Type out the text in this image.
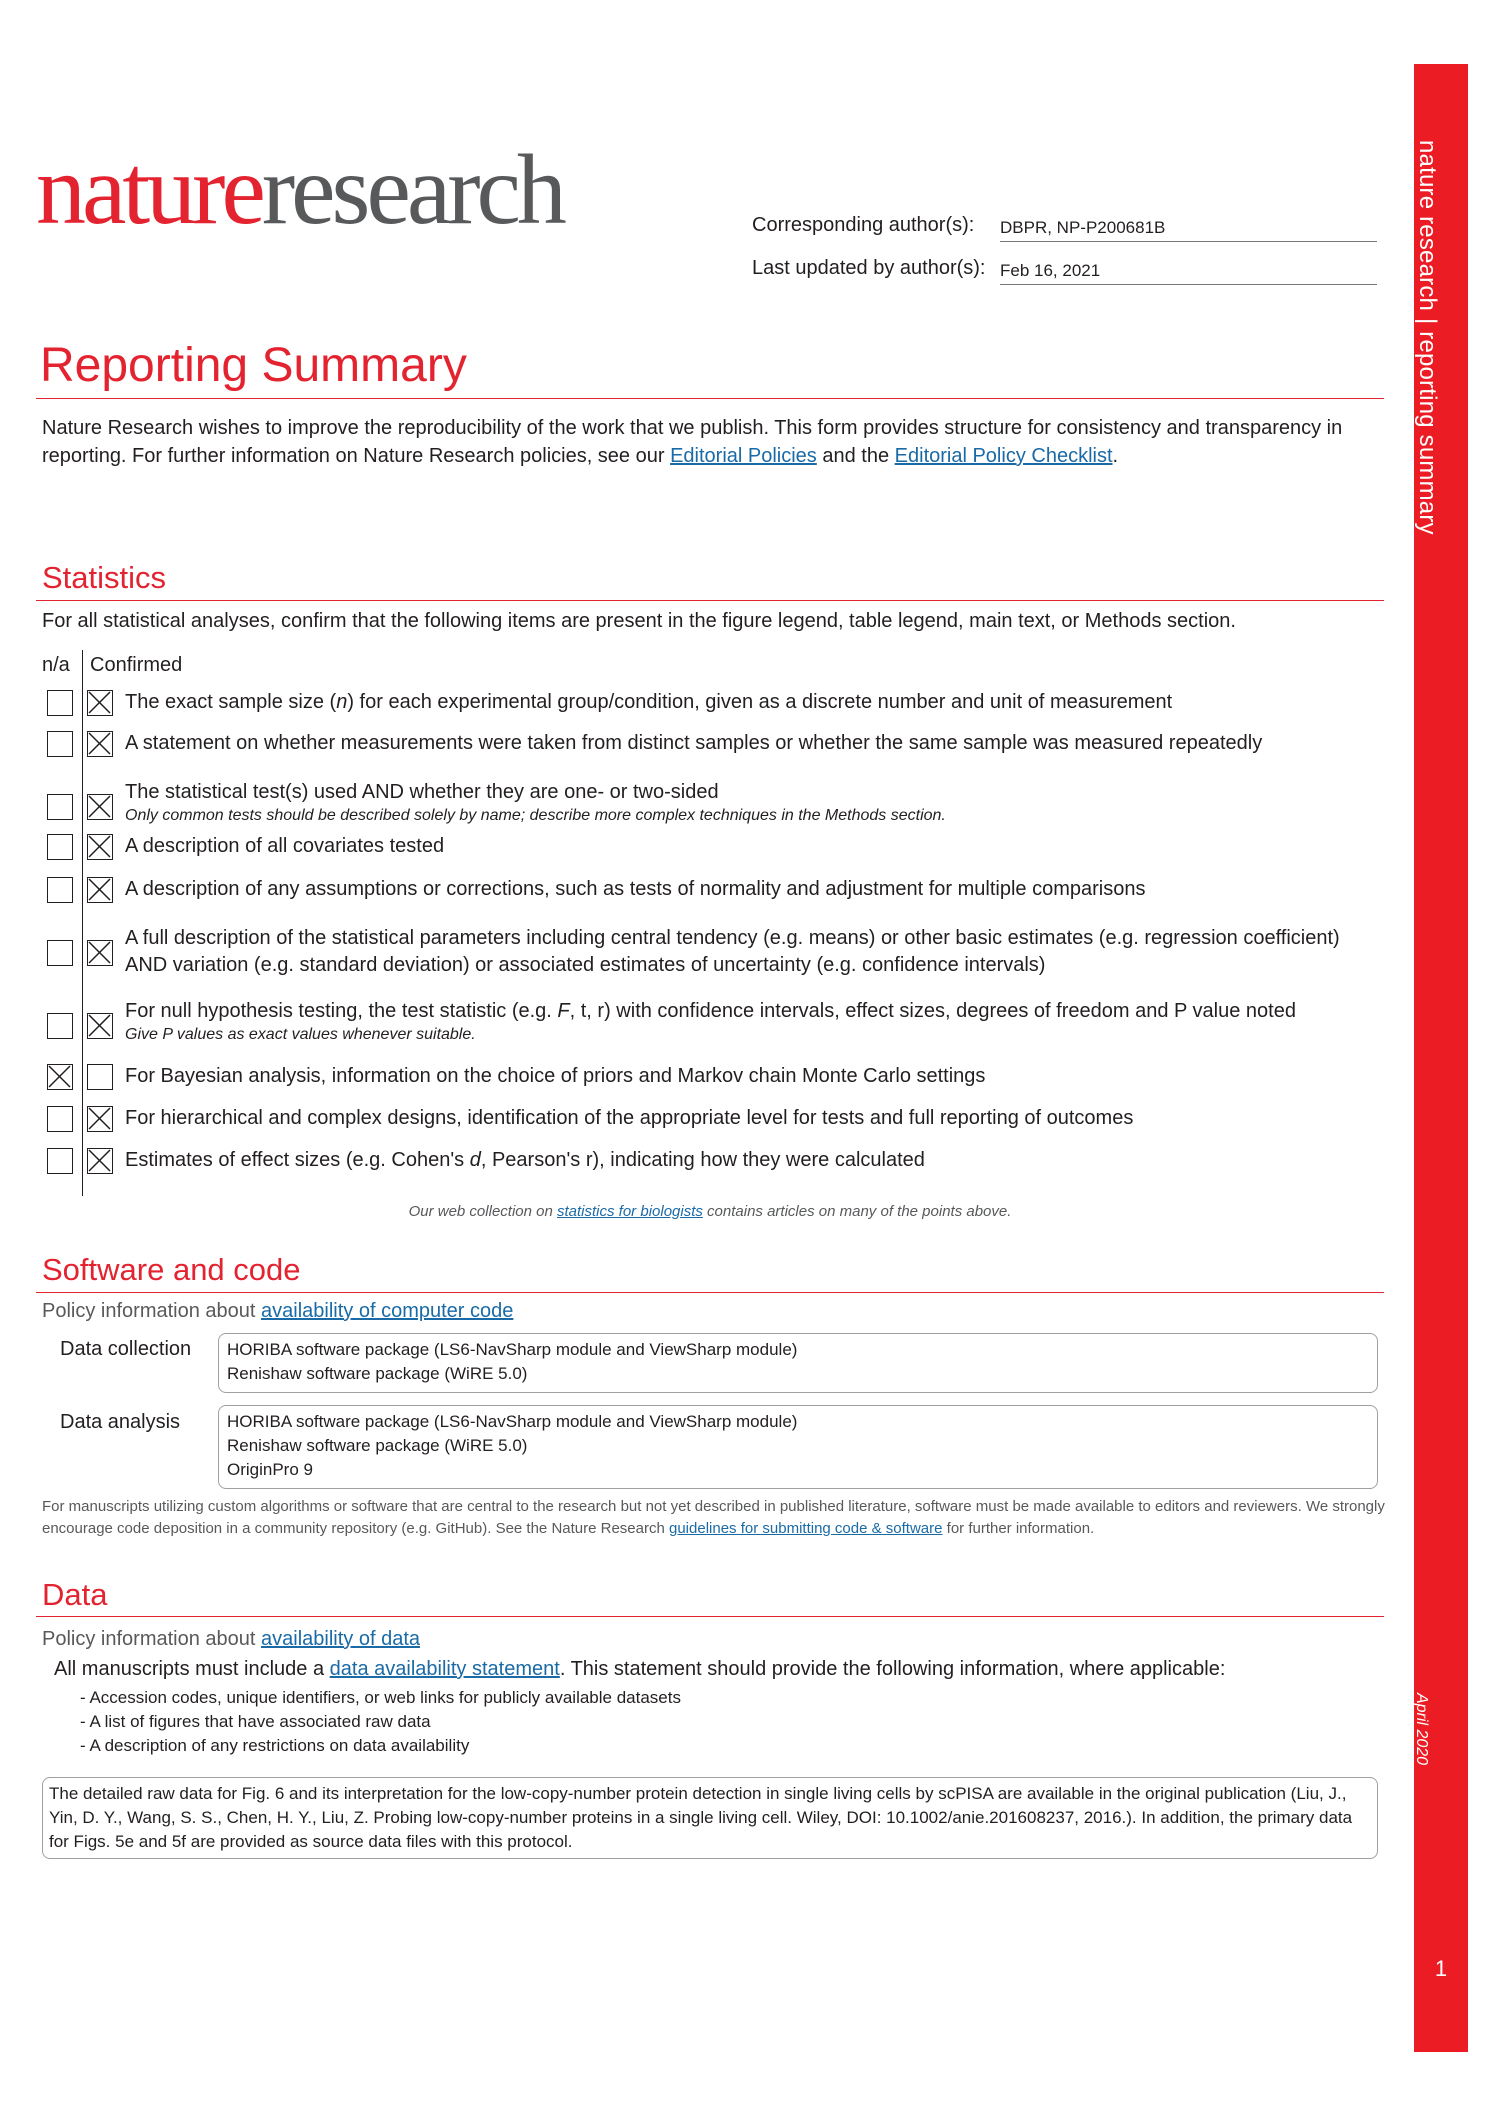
nature research | reporting summary
April 2020
1
natureresearch	Corresponding author(s): DBPR, NP-P200681B
Last updated by author(s): Feb 16, 2021
Reporting Summary
Nature Research wishes to improve the reproducibility of the work that we publish. This form provides structure for consistency and transparency in reporting. For further information on Nature Research policies, see our Editorial Policies and the Editorial Policy Checklist.
Statistics
For all statistical analyses, confirm that the following items are present in the figure legend, table legend, main text, or Methods section.
n/a Confirmed
The exact sample size (n) for each experimental group/condition, given as a discrete number and unit of measurement
A statement on whether measurements were taken from distinct samples or whether the same sample was measured repeatedly
The statistical test(s) used AND whether they are one- or two-sided
Only common tests should be described solely by name; describe more complex techniques in the Methods section.
A description of all covariates tested
A description of any assumptions or corrections, such as tests of normality and adjustment for multiple comparisons
A full description of the statistical parameters including central tendency (e.g. means) or other basic estimates (e.g. regression coefficient) AND variation (e.g. standard deviation) or associated estimates of uncertainty (e.g. confidence intervals)
For null hypothesis testing, the test statistic (e.g. F, t, r) with confidence intervals, effect sizes, degrees of freedom and P value noted
Give P values as exact values whenever suitable.
For Bayesian analysis, information on the choice of priors and Markov chain Monte Carlo settings
For hierarchical and complex designs, identification of the appropriate level for tests and full reporting of outcomes
Estimates of effect sizes (e.g. Cohen's d, Pearson's r), indicating how they were calculated
Our web collection on statistics for biologists contains articles on many of the points above.
Software and code
Policy information about availability of computer code
Data collection HORIBA software package (LS6-NavSharp module and ViewSharp module)
Renishaw software package (WiRE 5.0)
Data analysis	HORIBA software package (LS6-NavSharp module and ViewSharp module)
Renishaw software package (WiRE 5.0)
OriginPro 9
For manuscripts utilizing custom algorithms or software that are central to the research but not yet described in published literature, software must be made available to editors and reviewers. We strongly encourage code deposition in a community repository (e.g. GitHub). See the Nature Research guidelines for submitting code & software for further information.
Data
Policy information about availability of data
All manuscripts must include a data availability statement. This statement should provide the following information, where applicable:
- Accession codes, unique identifiers, or web links for publicly available datasets
- A list of figures that have associated raw data
- A description of any restrictions on data availability
The detailed raw data for Fig. 6 and its interpretation for the low-copy-number protein detection in single living cells by scPISA are available in the original publication (Liu, J., Yin, D. Y., Wang, S. S., Chen, H. Y., Liu, Z. Probing low-copy-number proteins in a single living cell. Wiley, DOI: 10.1002/anie.201608237, 2016.). In addition, the primary data for Figs. 5e and 5f are provided as source data files with this protocol.
